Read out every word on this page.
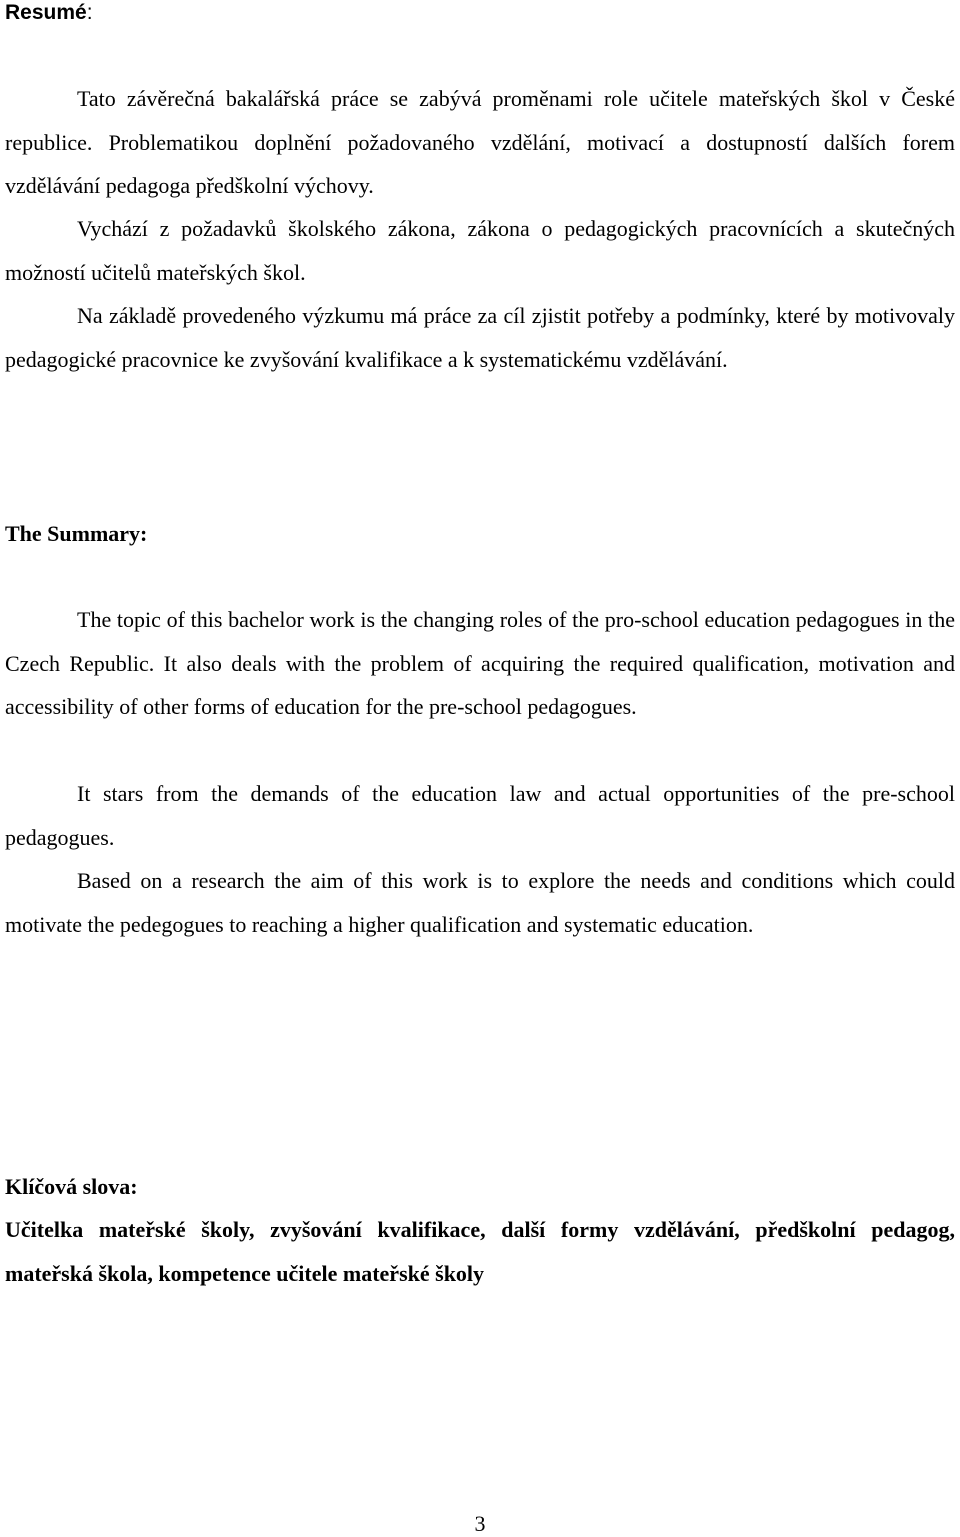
Resumé:
Tato závěrečná bakalářská práce se zabývá proměnami role učitele mateřských škol v České republice. Problematikou doplnění požadovaného vzdělání, motivací a dostupností dalších forem vzdělávání pedagoga předškolní výchovy.
Vychází z požadavků školského zákona, zákona o pedagogických pracovnících a skutečných možností učitelů mateřských škol.
Na základě provedeného výzkumu má práce za cíl zjistit potřeby a podmínky, které by motivovaly pedagogické pracovnice ke zvyšování kvalifikace a k systematickému vzdělávání.
The Summary:
The topic of this bachelor work is the changing roles of the pro-school education pedagogues in the Czech Republic. It also deals with the problem of acquiring the required qualification, motivation and accessibility of other forms of education for the pre-school pedagogues.
It stars from the demands of the education law and actual opportunities of the pre-school pedagogues.
Based on a research the aim of this work is to explore the needs and conditions which could motivate the pedegogues to reaching a higher qualification and systematic education.
Klíčová slova:
Učitelka mateřské školy, zvyšování kvalifikace, další formy vzdělávání, předškolní pedagog, mateřská škola, kompetence učitele mateřské školy
3
